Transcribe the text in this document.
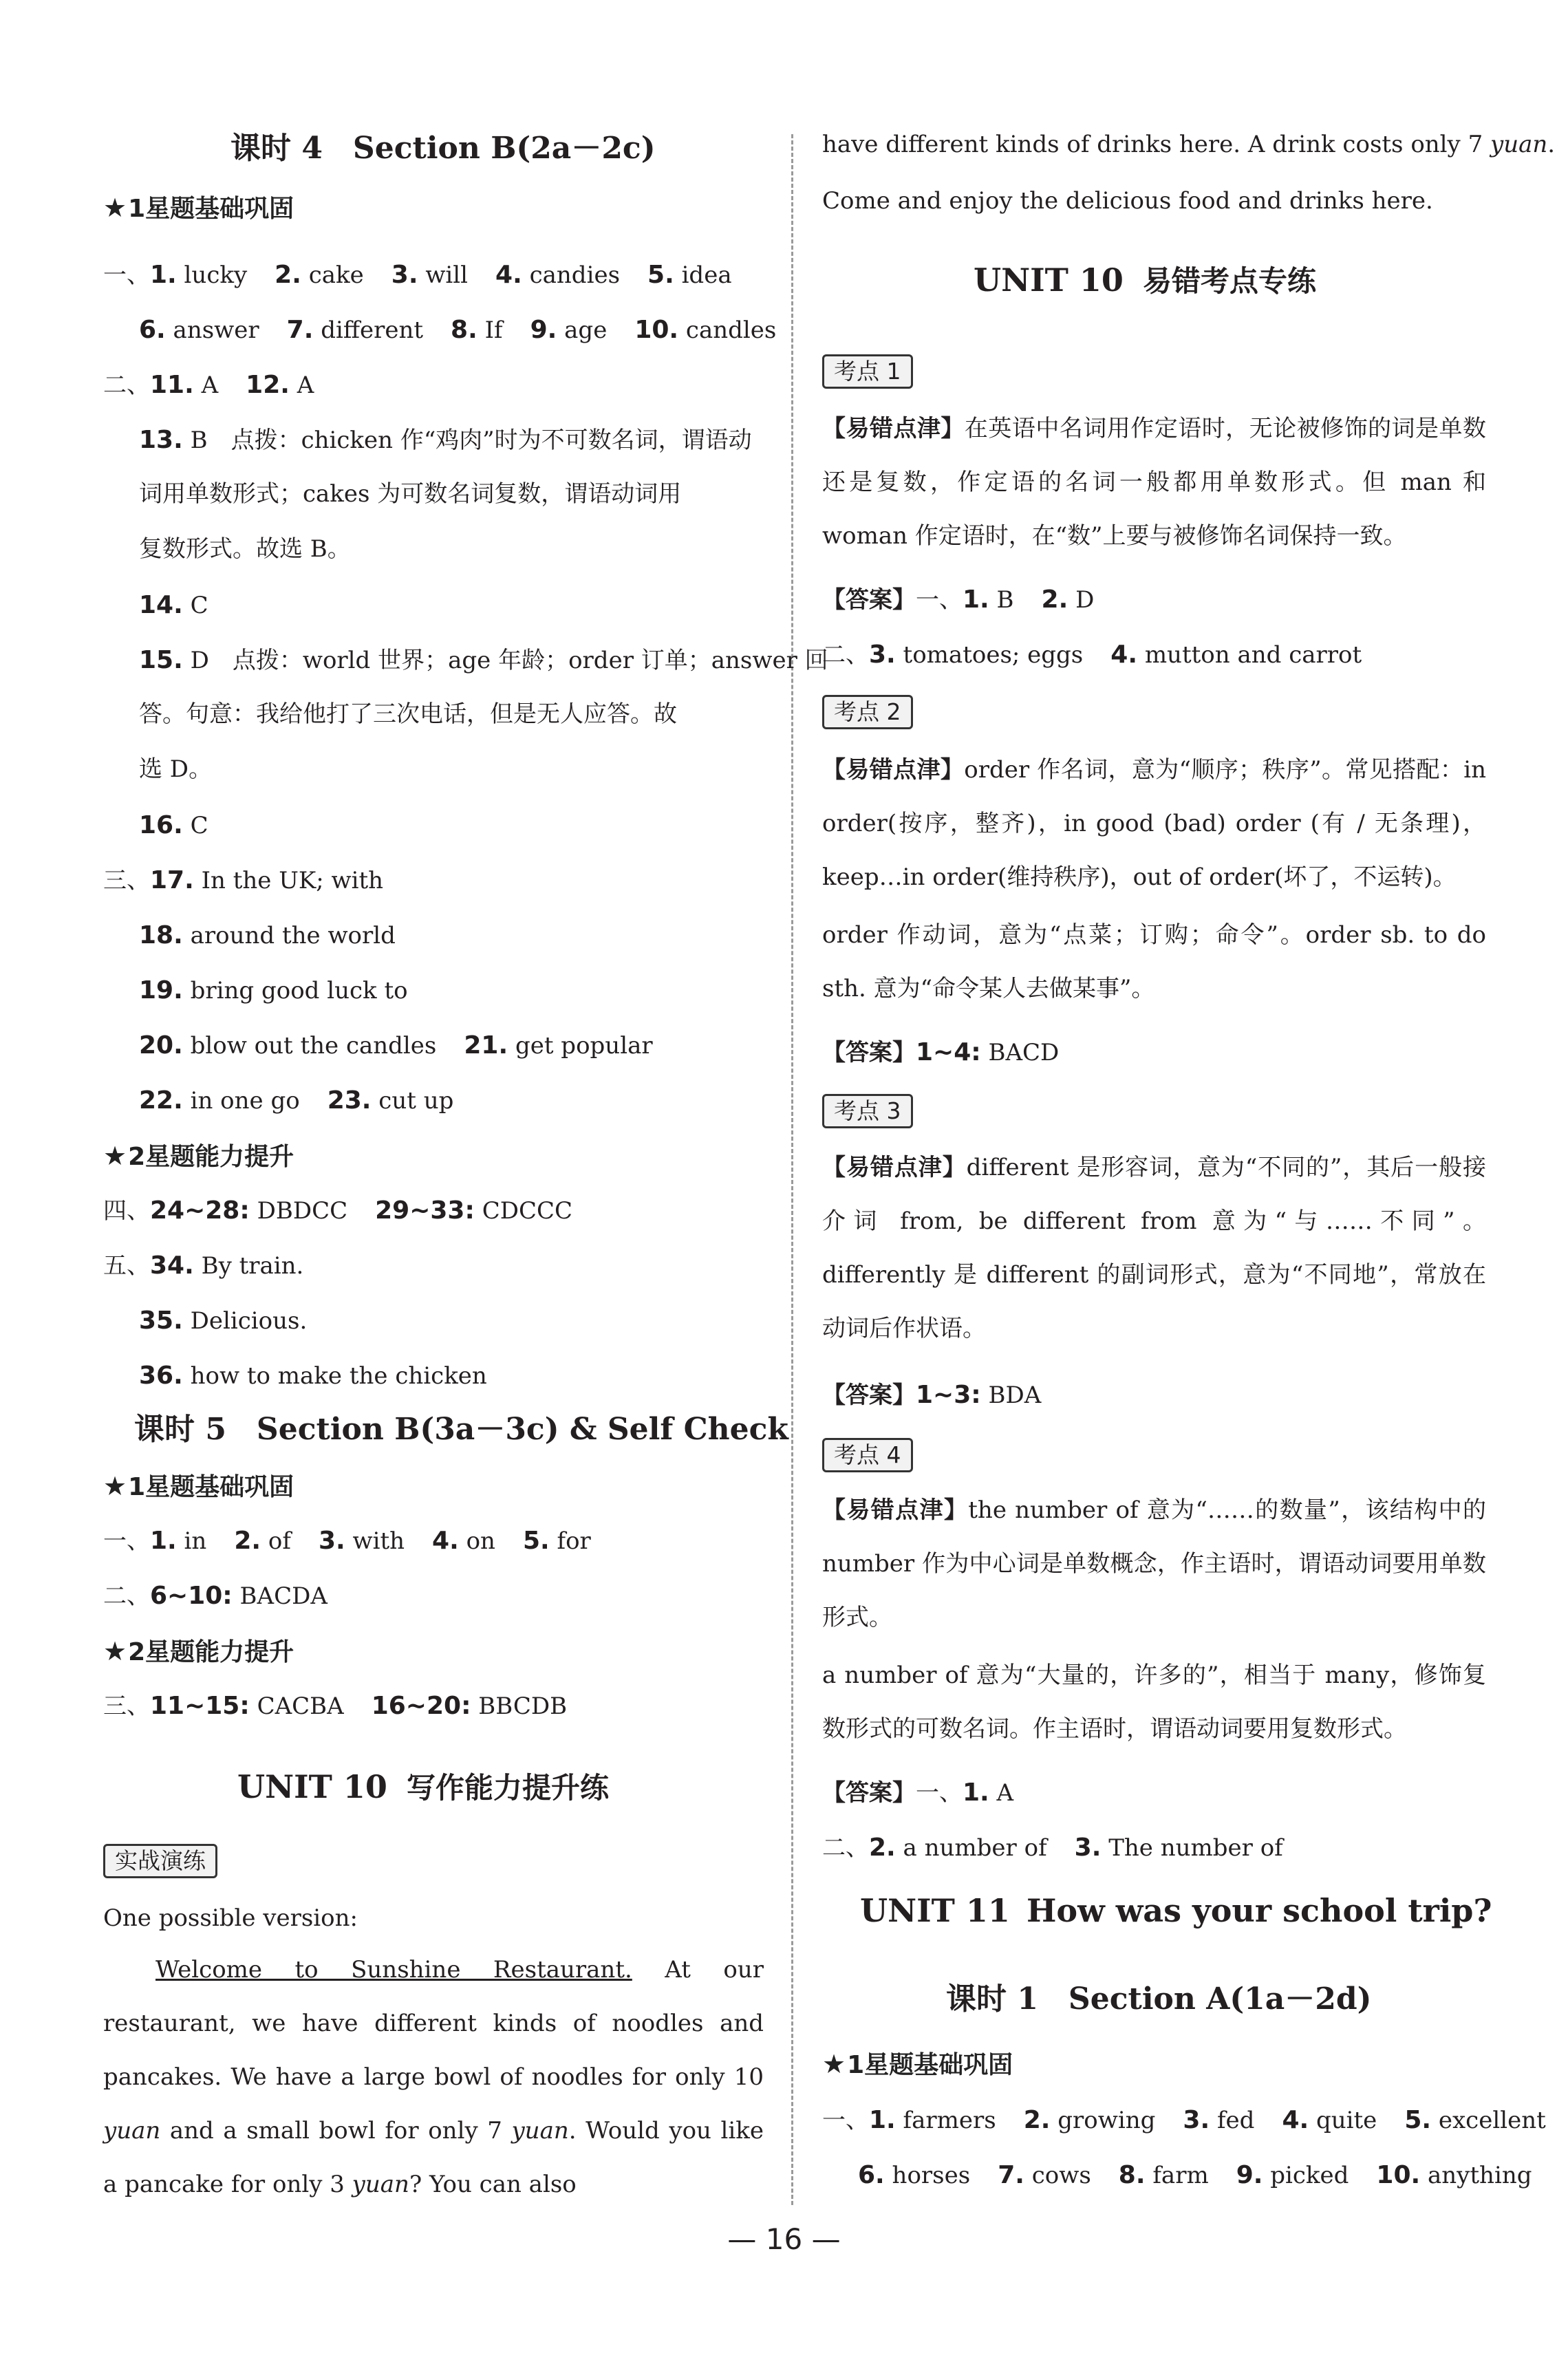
课时 4　Section B(2a－2c)
★1星题基础巩固
一、1. lucky 2. cake 3. will 4. candies 5. idea
6. answer 7. different 8. If 9. age 10. candles
二、11. A 12. A
13. B　点拨：chicken 作“鸡肉”时为不可数名词，谓语动
词用单数形式；cakes 为可数名词复数，谓语动词用
复数形式。故选 B。
14. C
15. D　点拨：world 世界；age 年龄；order 订单；answer 回
答。句意：我给他打了三次电话，但是无人应答。故
选 D。
16. C
三、17. In the UK; with
18. around the world
19. bring good luck to
20. blow out the candles 21. get popular
22. in one go 23. cut up
★2星题能力提升
四、24~28: DBDCC 29~33: CDCCC
五、34. By train.
35. Delicious.
36. how to make the chicken
课时 5　Section B(3a－3c) & Self Check
★1星题基础巩固
一、1. in 2. of 3. with 4. on 5. for
二、6~10: BACDA
★2星题能力提升
三、11~15: CACBA 16~20: BBCDB
UNIT 10 写作能力提升练
实战演练
One possible version:
Welcome to Sunshine Restaurant. At our restaurant, we have different kinds of noodles and pancakes. We have a large bowl of noodles for only 10 yuan and a small bowl for only 7 yuan. Would you like a pancake for only 3 yuan? You can also
have different kinds of drinks here. A drink costs only 7 yuan.
Come and enjoy the delicious food and drinks here.
UNIT 10 易错考点专练
考点 1
【易错点津】在英语中名词用作定语时，无论被修饰的词是单数还是复数，作定语的名词一般都用单数形式。但 man 和 woman 作定语时，在“数”上要与被修饰名词保持一致。
【答案】一、1. B 2. D
二、3. tomatoes; eggs 4. mutton and carrot
考点 2
【易错点津】order 作名词，意为“顺序；秩序”。常见搭配：in order(按序，整齐)，in good (bad) order (有 / 无条理)，keep…in order(维持秩序)，out of order(坏了，不运转)。
order 作动词，意为“点菜；订购；命令”。order sb. to do sth. 意为“命令某人去做某事”。
【答案】1~4: BACD
考点 3
【易错点津】different 是形容词，意为“不同的”，其后一般接介词 from, be different from 意为“与……不同”。differently 是 different 的副词形式，意为“不同地”，常放在动词后作状语。
【答案】1~3: BDA
考点 4
【易错点津】the number of 意为“……的数量”，该结构中的 number 作为中心词是单数概念，作主语时，谓语动词要用单数形式。
a number of 意为“大量的，许多的”，相当于 many，修饰复数形式的可数名词。作主语时，谓语动词要用复数形式。
【答案】一、1. A
二、2. a number of 3. The number of
UNIT 11 How was your school trip?
课时 1　Section A(1a－2d)
★1星题基础巩固
一、1. farmers 2. growing 3. fed 4. quite 5. excellent
6. horses 7. cows 8. farm 9. picked 10. anything
— 16 —
